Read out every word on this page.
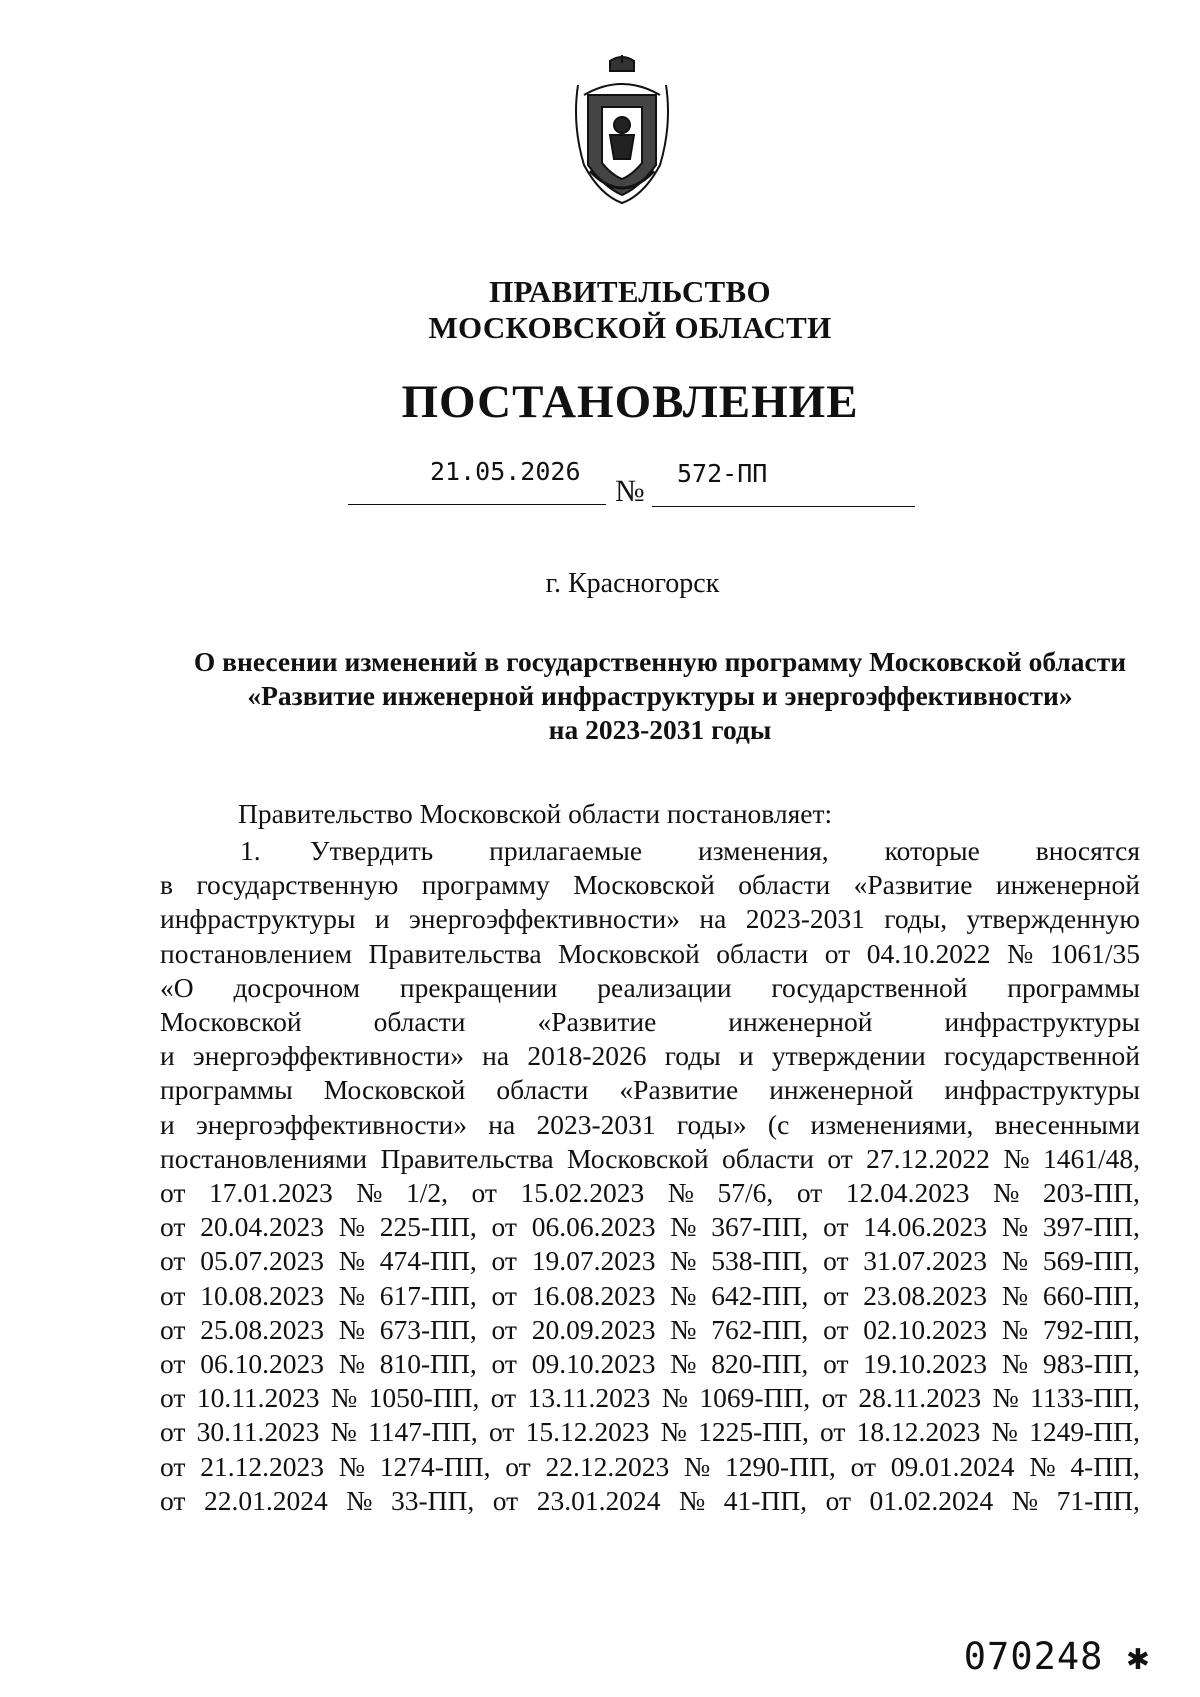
ПРАВИТЕЛЬСТВО
МОСКОВСКОЙ ОБЛАСТИ
ПОСТАНОВЛЕНИЕ
21.05.2026
№ 572-ПП
г. Красногорск
О внесении изменений в государственную программу Московской области
«Развитие инженерной инфраструктуры и энергоэффективности»
на 2023-2031 годы
Правительство Московской области постановляет:
1. Утвердить прилагаемые изменения, которые вносятся
в государственную программу Московской области «Развитие инженерной
инфраструктуры и энергоэффективности» на 2023-2031 годы, утвержденную
постановлением Правительства Московской области от 04.10.2022 № 1061/35
«О досрочном прекращении реализации государственной программы
Московской	области	«Развитие	инженерной	инфраструктуры
и энергоэффективности» на 2018-2026 годы и утверждении государственной
программы Московской области «Развитие инженерной инфраструктуры
и энергоэффективности» на 2023-2031 годы» (с изменениями, внесенными
постановлениями Правительства Московской области от 27.12.2022 № 1461/48,
от 17.01.2023 № 1/2, от 15.02.2023 № 57/6, от 12.04.2023 № 203-ПП,
от 20.04.2023 № 225-ПП, от 06.06.2023 № 367-ПП, от 14.06.2023 № 397-ПП,
от 05.07.2023 № 474-ПП, от 19.07.2023 № 538-ПП, от 31.07.2023 № 569-ПП,
от 10.08.2023 № 617-ПП, от 16.08.2023 № 642-ПП, от 23.08.2023 № 660-ПП,
от 25.08.2023 № 673-ПП, от 20.09.2023 № 762-ПП, от 02.10.2023 № 792-ПП,
от 06.10.2023 № 810-ПП, от 09.10.2023 № 820-ПП, от 19.10.2023 № 983-ПП,
от 10.11.2023 № 1050-ПП, от 13.11.2023 № 1069-ПП, от 28.11.2023 № 1133-ПП,
от 30.11.2023 № 1147-ПП, от 15.12.2023 № 1225-ПП, от 18.12.2023 № 1249-ПП,
от 21.12.2023 № 1274-ПП, от 22.12.2023 № 1290-ПП, от 09.01.2024 № 4-ПП,
от 22.01.2024 № 33-ПП, от 23.01.2024 № 41-ПП, от 01.02.2024 № 71-ПП,
070248 ✱
